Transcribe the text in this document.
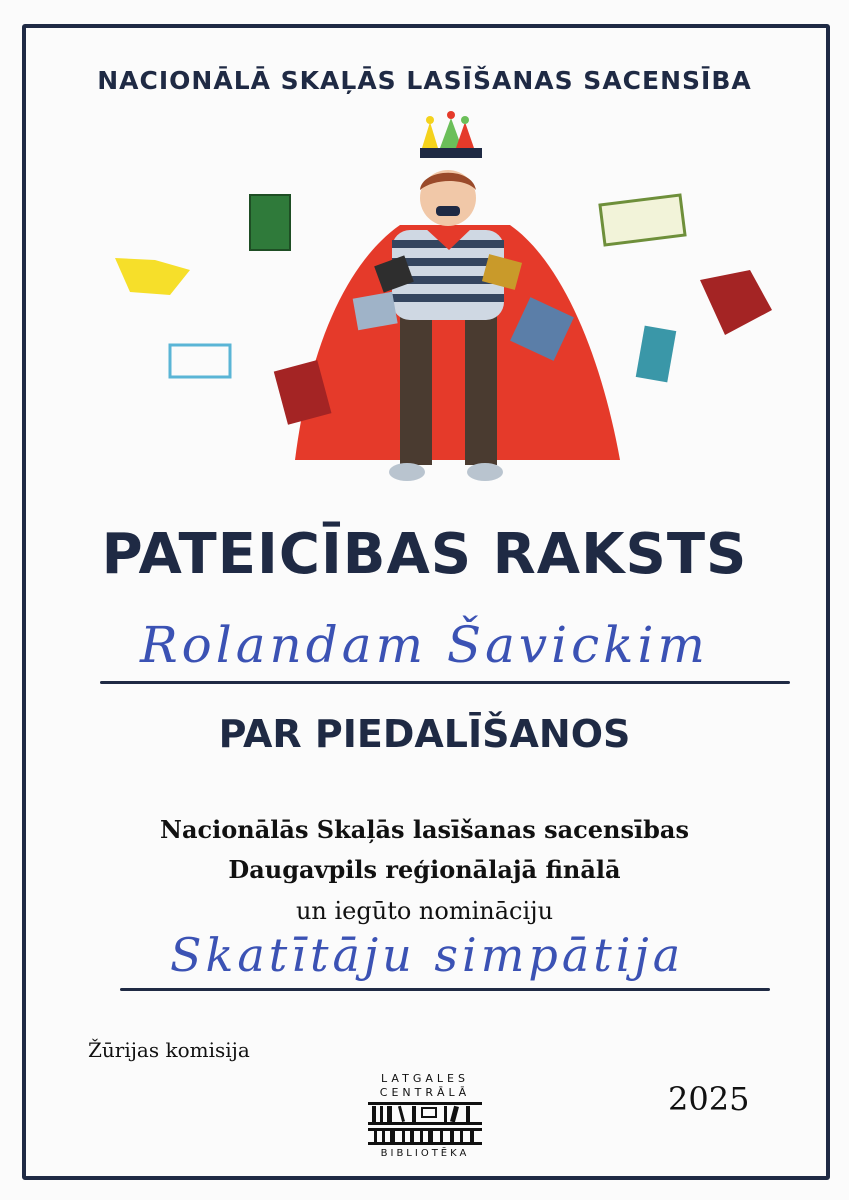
NACIONĀLĀ SKAĻĀS LASĪŠANAS SACENSĪBA
PATEICĪBAS RAKSTS
Rolandam Šavickim
PAR PIEDALĪŠANOS
Nacionālās Skaļās lasīšanas sacensības
Daugavpils reģionālajā finālā
un iegūto nomināciju
Skatītāju simpātija
Žūrijas komisija
LATGALES
CENTRĀLĀ
BIBLIOTĒKA
2025
